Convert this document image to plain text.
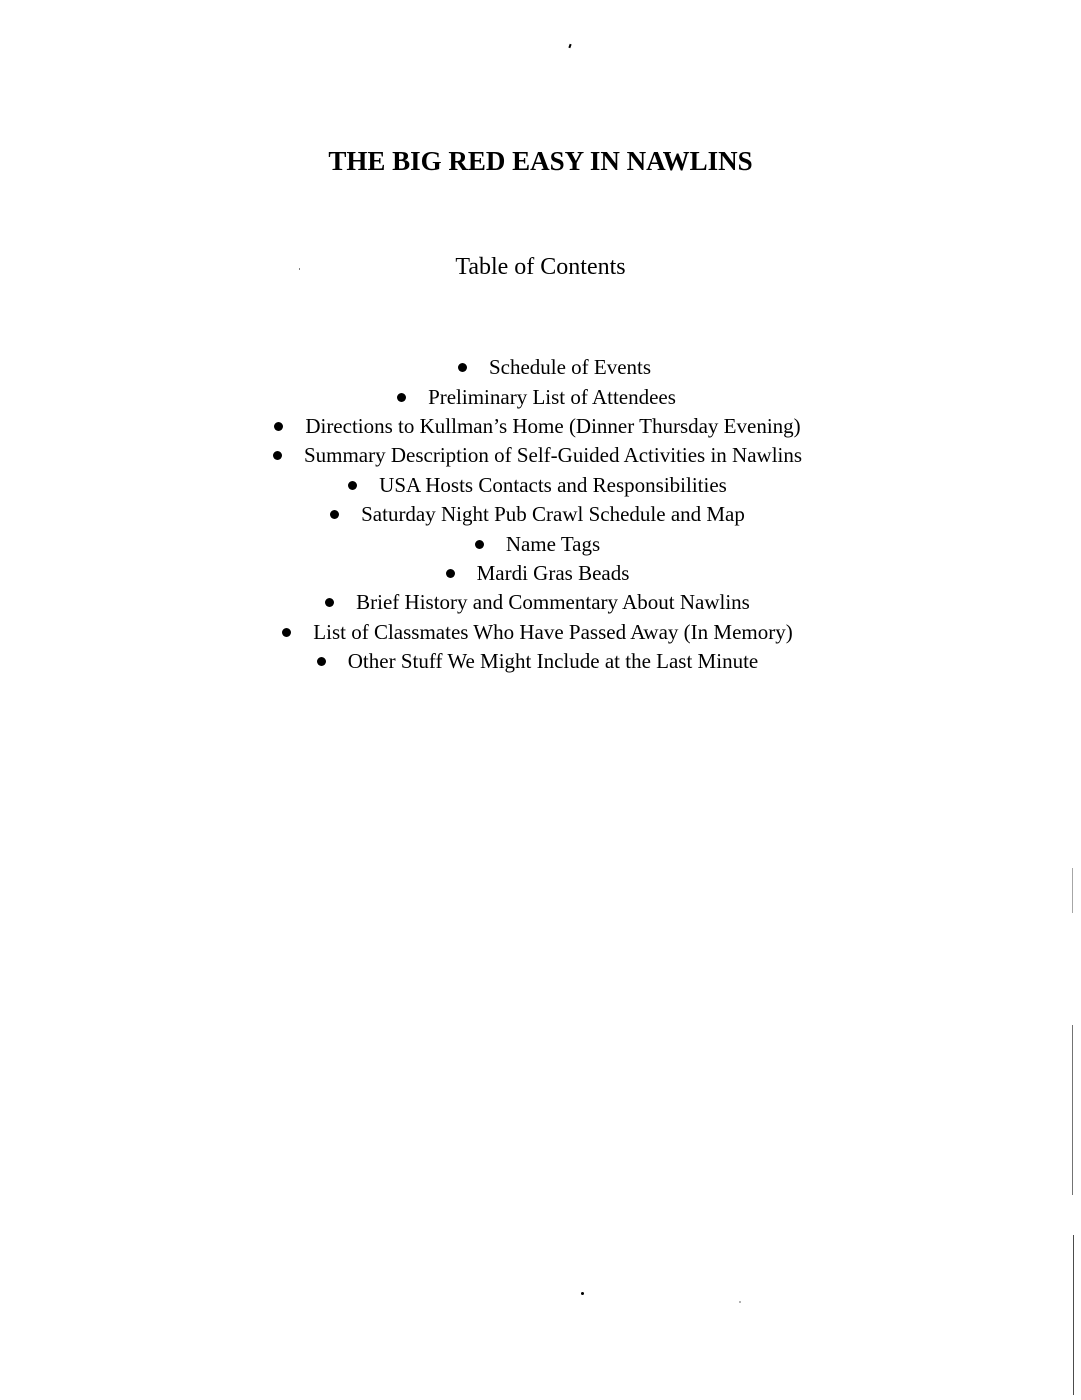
THE BIG RED EASY IN NAWLINS
Table of Contents
Schedule of Events
Preliminary List of Attendees
Directions to Kullman’s Home (Dinner Thursday Evening)
Summary Description of Self-Guided Activities in Nawlins
USA Hosts Contacts and Responsibilities
Saturday Night Pub Crawl Schedule and Map
Name Tags
Mardi Gras Beads
Brief History and Commentary About Nawlins
List of Classmates Who Have Passed Away (In Memory)
Other Stuff We Might Include at the Last Minute
